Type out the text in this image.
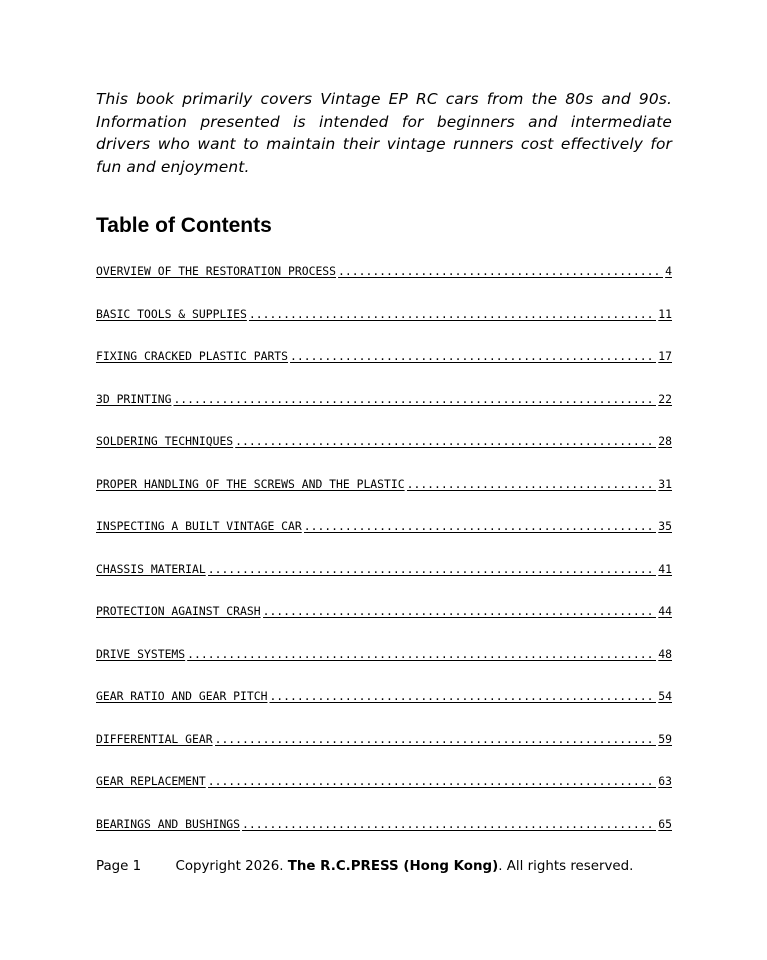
This book primarily covers Vintage EP RC cars from the 80s and 90s. Information presented is intended for beginners and intermediate drivers who want to maintain their vintage runners cost effectively for fun and enjoyment.

Table of Contents
OVERVIEW OF THE RESTORATION PROCESS .....	4
BASIC TOOLS & SUPPLIES .....	11
FIXING CRACKED PLASTIC PARTS .....	17
3D PRINTING .....	22
SOLDERING TECHNIQUES .....	28
PROPER HANDLING OF THE SCREWS AND THE PLASTIC .....	31
INSPECTING A BUILT VINTAGE CAR .....	35
CHASSIS MATERIAL .....	41
PROTECTION AGAINST CRASH .....	44
DRIVE SYSTEMS .....	48
GEAR RATIO AND GEAR PITCH .....	54
DIFFERENTIAL GEAR .....	59
GEAR REPLACEMENT .....	63
BEARINGS AND BUSHINGS .....	65
Page 1	Copyright 2026. The R.C.PRESS (Hong Kong). All rights reserved.
